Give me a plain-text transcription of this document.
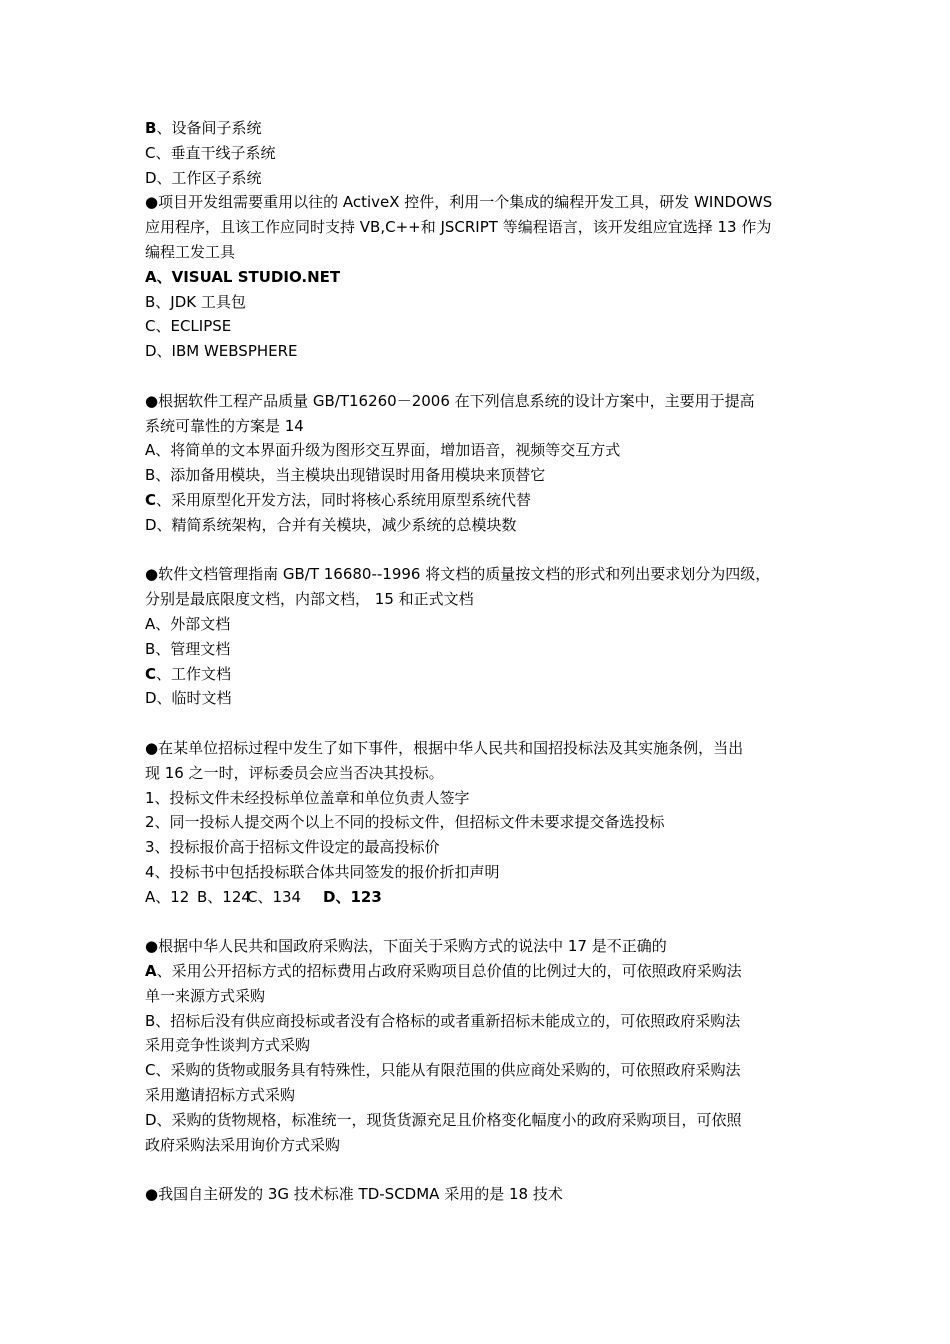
B、设备间子系统
C、垂直干线子系统
D、工作区子系统
●项目开发组需要重用以往的 ActiveX 控件，利用一个集成的编程开发工具，研发 WINDOWS
应用程序，且该工作应同时支持 VB,C++和 JSCRIPT 等编程语言，该开发组应宜选择 13 作为
编程工发工具
A、VISUAL STUDIO.NET
B、JDK 工具包
C、ECLIPSE
D、IBM WEBSPHERE
●根据软件工程产品质量 GB/T16260－2006 在下列信息系统的设计方案中，主要用于提高
系统可靠性的方案是 14
A、将简单的文本界面升级为图形交互界面，增加语音，视频等交互方式
B、添加备用模块，当主模块出现错误时用备用模块来顶替它
C、采用原型化开发方法，同时将核心系统用原型系统代替
D、精简系统架构，合并有关模块，减少系统的总模块数
●软件文档管理指南 GB/T 16680--1996 将文档的质量按文档的形式和列出要求划分为四级，
分别是最底限度文档，内部文档， 15 和正式文档
A、外部文档
B、管理文档
C、工作文档
D、临时文档
●在某单位招标过程中发生了如下事件，根据中华人民共和国招投标法及其实施条例，当出
现 16 之一时，评标委员会应当否决其投标。
1、投标文件未经投标单位盖章和单位负责人签字
2、同一投标人提交两个以上不同的投标文件，但招标文件未要求提交备选投标
3、投标报价高于招标文件设定的最高投标价
4、投标书中包括投标联合体共同签发的报价折扣声明
A、12 B、124C、134 D、123
●根据中华人民共和国政府采购法，下面关于采购方式的说法中 17 是不正确的
A、采用公开招标方式的招标费用占政府采购项目总价值的比例过大的，可依照政府采购法
单一来源方式采购
B、招标后没有供应商投标或者没有合格标的或者重新招标未能成立的，可依照政府采购法
采用竞争性谈判方式采购
C、采购的货物或服务具有特殊性，只能从有限范围的供应商处采购的，可依照政府采购法
采用邀请招标方式采购
D、采购的货物规格，标准统一，现货货源充足且价格变化幅度小的政府采购项目，可依照
政府采购法采用询价方式采购
●我国自主研发的 3G 技术标准 TD-SCDMA 采用的是 18 技术
